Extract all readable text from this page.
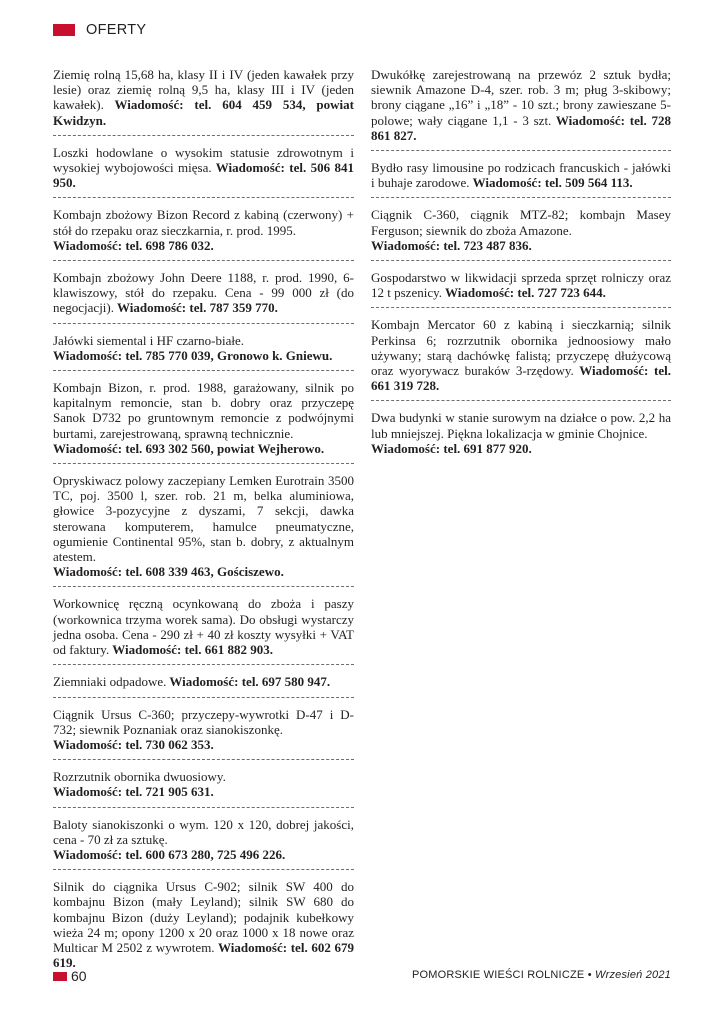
OFERTY
Ziemię rolną 15,68 ha, klasy II i IV (jeden kawałek przy lesie) oraz ziemię rolną 9,5 ha, klasy III i IV (jeden kawałek). Wiadomość: tel. 604 459 534, powiat Kwidzyn.
Loszki hodowlane o wysokim statusie zdrowotnym i wysokiej wybojowości mięsa. Wiadomość: tel. 506 841 950.
Kombajn zbożowy Bizon Record z kabiną (czerwony) + stół do rzepaku oraz sieczkarnia, r. prod. 1995.
Wiadomość: tel. 698 786 032.
Kombajn zbożowy John Deere 1188, r. prod. 1990, 6-klawiszowy, stół do rzepaku. Cena - 99 000 zł (do negocjacji). Wiadomość: tel. 787 359 770.
Jałówki siemental i HF czarno-białe.
Wiadomość: tel. 785 770 039, Gronowo k. Gniewu.
Kombajn Bizon, r. prod. 1988, garażowany, silnik po kapitalnym remoncie, stan b. dobry oraz przyczepę Sanok D732 po gruntownym remoncie z podwójnymi burtami, zarejestrowaną, sprawną technicznie.
Wiadomość: tel. 693 302 560, powiat Wejherowo.
Opryskiwacz polowy zaczepiany Lemken Eurotrain 3500 TC, poj. 3500 l, szer. rob. 21 m, belka aluminiowa, głowice 3-pozycyjne z dyszami, 7 sekcji, dawka sterowana komputerem, hamulce pneumatyczne, ogumienie Continental 95%, stan b. dobry, z aktualnym atestem.
Wiadomość: tel. 608 339 463, Gościszewo.
Workownicę ręczną ocynkowaną do zboża i paszy (workownica trzyma worek sama). Do obsługi wystarczy jedna osoba. Cena - 290 zł + 40 zł koszty wysyłki + VAT od faktury. Wiadomość: tel. 661 882 903.
Ziemniaki odpadowe. Wiadomość: tel. 697 580 947.
Ciągnik Ursus C-360; przyczepy-wywrotki D-47 i D-732; siewnik Poznaniak oraz sianokiszonkę.
Wiadomość: tel. 730 062 353.
Rozrzutnik obornika dwuosiowy.
Wiadomość: tel. 721 905 631.
Baloty sianokiszonki o wym. 120 x 120, dobrej jakości, cena - 70 zł za sztukę.
Wiadomość: tel. 600 673 280, 725 496 226.
Silnik do ciągnika Ursus C-902; silnik SW 400 do kombajnu Bizon (mały Leyland); silnik SW 680 do kombajnu Bizon (duży Leyland); podajnik kubełkowy wieża 24 m; opony 1200 x 20 oraz 1000 x 18 nowe oraz Multicar M 2502 z wywrotem. Wiadomość: tel. 602 679 619.
Dwukółkę zarejestrowaną na przewóz 2 sztuk bydła; siewnik Amazone D-4, szer. rob. 3 m; pług 3-skibowy; brony ciągane „16” i „18” - 10 szt.; brony zawieszane 5-polowe; wały ciągane 1,1 - 3 szt. Wiadomość: tel. 728 861 827.
Bydło rasy limousine po rodzicach francuskich - jałówki i buhaje zarodowe. Wiadomość: tel. 509 564 113.
Ciągnik C-360, ciągnik MTZ-82; kombajn Masey Ferguson; siewnik do zboża Amazone.
Wiadomość: tel. 723 487 836.
Gospodarstwo w likwidacji sprzeda sprzęt rolniczy oraz 12 t pszenicy. Wiadomość: tel. 727 723 644.
Kombajn Mercator 60 z kabiną i sieczkarnią; silnik Perkinsa 6; rozrzutnik obornika jednoosiowy mało używany; starą dachówkę falistą; przyczepę dłużycową oraz wyorywacz buraków 3-rzędowy. Wiadomość: tel. 661 319 728.
Dwa budynki w stanie surowym na działce o pow. 2,2 ha lub mniejszej. Piękna lokalizacja w gminie Chojnice.
Wiadomość: tel. 691 877 920.
60	POMORSKIE WIEŚCI ROLNICZE • Wrzesień 2021
